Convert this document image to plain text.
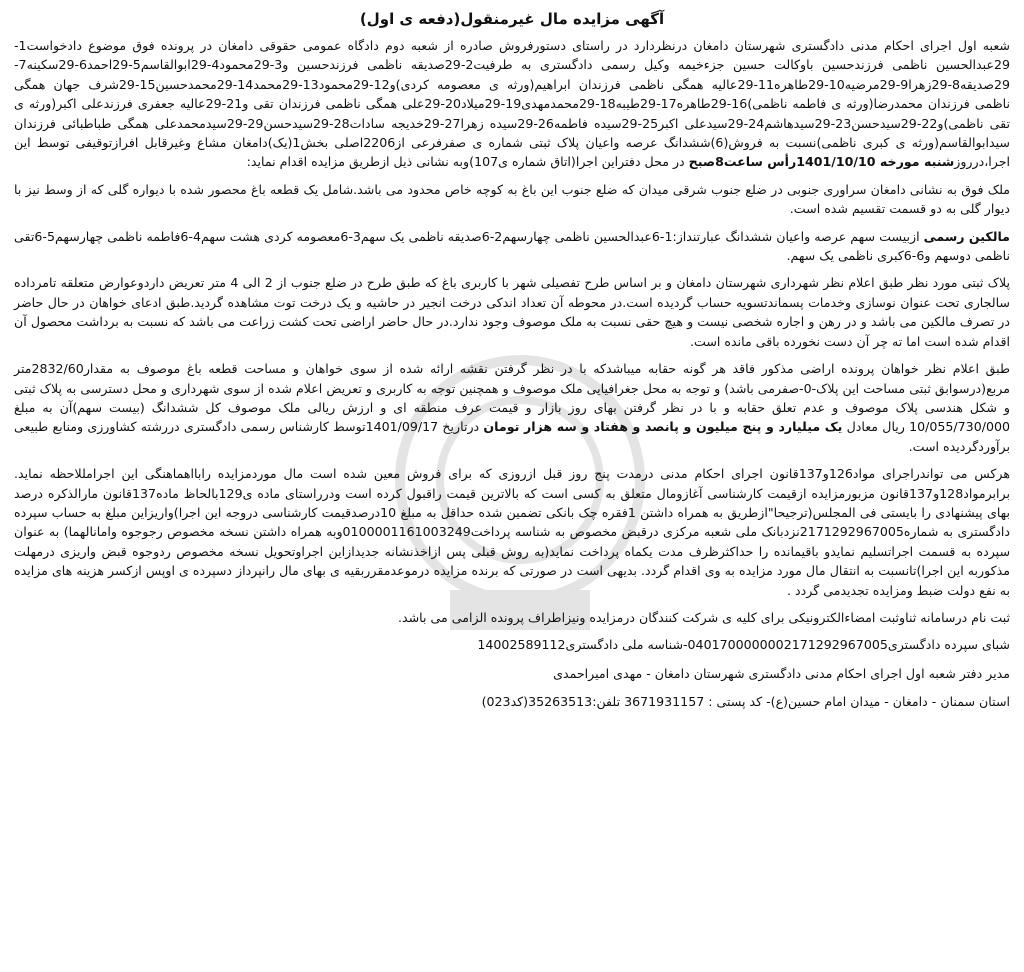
آگهی مزایده مال غیرمنقول(دفعه ی اول)

شعبه اول اجرای احکام مدنی دادگستری شهرستان دامغان درنظردارد در راستای دستورفروش صادره از شعبه دوم دادگاه عمومی حقوقی دامغان در پرونده فوق موضوع دادخواست1-29عبدالحسین ناظمی فرزندحسین باوکالت حسین جزءخیمه وکیل رسمی دادگستری به طرفیت2-29صدیقه ناظمی فرزندحسین و3-29محمود4-29ابوالقاسم5-29احمد6-29سکینه7-29صدیقه8-29زهرا9-29مرضیه10-29طاهره11-29عالیه همگی ناظمی فرزندان ابراهیم(ورثه ی معصومه کردی)و12-29محمود13-29محمد14-29محمدحسین15-29شرف جهان همگی ناظمی فرزندان محمدرضا(ورثه ی فاطمه ناظمی)16-29طاهره17-29طیبه18-29محمدمهدی19-29میلاد20-29علی همگی ناظمی فرزندان تقی و21-29عالیه جعفری فرزندعلی اکبر(ورثه ی تقی ناظمی)و22-29سیدحسن23-29سیدهاشم24-29سیدعلی اکبر25-29سیده فاطمه26-29سیده زهرا27-29خدیجه سادات28-29سیدحسن29-29سیدمحمدعلی همگی طباطبائی فرزندان سیدابوالقاسم(ورثه ی کبری ناظمی)نسبت به فروش(6)ششدانگ عرصه واعیان پلاک ثبتی شماره ی صفرفرعی از2206اصلی بخش1(یک)دامغان مشاع وغیرقابل افرازتوقیفی توسط این اجرا،درروزشنبه مورخه 1401/10/10رأس ساعت8صبح در محل دفتراین اجرا(اتاق شماره ی107)وبه نشانی ذیل ازطریق مزایده اقدام نماید:

ملک فوق به نشانی دامغان سراوری جنوبی در ضلع جنوب شرقی میدان که ضلع جنوب این باغ به کوچه خاص محدود می باشد.شامل یک قطعه باغ محصور شده با دیواره گلی که از وسط نیز با دیوار گلی به دو قسمت تقسیم شده است.

مالکین رسمی ازبیست سهم عرصه واعیان ششدانگ عبارتنداز:1-6عبدالحسین ناظمی چهارسهم2-6صدیقه ناظمی یک سهم3-6معصومه کردی هشت سهم4-6فاطمه ناظمی چهارسهم5-6تقی ناظمی دوسهم و6-6کبری ناظمی یک سهم.

پلاک ثبتی مورد نظر طبق اعلام نظر شهرداری شهرستان دامغان و بر اساس طرح تفصیلی شهر با کاربری باغ که طبق طرح در ضلع جنوب از 2 الی 4 متر تعریض داردوعوارض متعلقه تامرداده سالجاری تحت عنوان نوسازی وخدمات پسماندتسویه حساب گردیده است.در محوطه آن تعداد اندکی درخت انجیر در حاشیه و یک درخت توت مشاهده گردید.طبق ادعای خواهان در حال حاضر در تصرف مالکین می باشد و در رهن و اجاره شخصی نیست و هیچ حقی نسبت به ملک موصوف وجود ندارد.در حال حاضر اراضی تحت کشت زراعت می باشد که نسبت به برداشت محصول آن اقدام شده است اما ته چر آن دست نخورده باقی مانده است.

طبق اعلام نظر خواهان پرونده اراضی مذکور فاقد هر گونه حقابه میباشدکه با در نظر گرفتن نقشه ارائه شده از سوی خواهان و مساحت قطعه باغ موصوف به مقدار2832/60متر مربع(درسوابق ثبتی مساحت این پلاک-0-صفرمی باشد) و توجه به محل جغرافیایی ملک موصوف و همچنین توجه به کاربری و تعریض اعلام شده از سوی شهرداری و محل دسترسی به پلاک ثبتی و شکل هندسی پلاک موصوف و عدم تعلق حقابه و با در نظر گرفتن بهای روز بازار و قیمت عرف منطقه ای و ارزش ریالی ملک موصوف کل ششدانگ (بیست سهم)آن به مبلغ 10/055/730/000 ریال معادل یک میلیارد و پنج میلیون و پانصد و هفتاد و سه هزار تومان درتاریخ 1401/09/17توسط کارشناس رسمی دادگستری دررشته کشاورزی ومنابع طبیعی برآوردگردیده است.

هرکس می تواندراجرای مواد126و137قانون اجرای احکام مدنی درمدت پنج روز قبل ازروزی که برای فروش معین شده است مال موردمزایده رابااهماهنگی این اجرامللاحظه نماید. برابرمواد128و137قانون مزبورمزایده ازقیمت کارشناسی آغازومال متعلق به کسی است که بالاترین قیمت راقبول کرده است ودرراستای ماده ی129بالحاظ ماده137قانون مارالذکره درصد بهای پیشنهادی را بایستی فی المجلس(ترجیحا"ازطریق به همراه داشتن 1فقره چک بانکی تضمین شده حداقل به مبلغ 10درصدقیمت کارشناسی دروجه این اجرا)واریزاین مبلغ به حساب سپرده دادگستری به شماره2171292967005نزدبانک ملی شعبه مرکزی درقبض مخصوص به شناسه پرداخت0100001161003249وبه همراه داشتن نسخه مخصوص رجوجوه وامانالهما) به عنوان سپرده به قسمت اجراتسلیم نمایدو باقیمانده را حداکثرظرف مدت یکماه پرداخت نماید(به روش قبلی پس ازاخذنشانه جدیدازاین اجراوتحویل نسخه مخصوص ردوجوه قبض واریزی درمهلت مذکوربه این اجرا)تانسبت به انتقال مال مورد مزایده به وی اقدام گردد. بدیهی است در صورتی که برنده مزایده درموعدمقرربقیه ی بهای مال رانپرداز دسپرده ی اوپس ازکسر هزینه های مزایده به نفع دولت ضبط ومزایده تجدیدمی گردد .

ثبت نام درسامانه ثناوثبت امضاءالکترونیکی برای کلیه ی شرکت کنندگان درمزایده ونیزاطراف پرونده الزامی می باشد.

شبای سپرده دادگستری0401700000002171292967005-شناسه ملی دادگستری14002589112
مدیر دفتر شعبه اول اجرای احکام مدنی دادگستری شهرستان دامغان - مهدی امیراحمدی
استان سمنان - دامغان - میدان امام حسین(ع)- کد پستی : 3671931157 تلفن:35263513(کد023)
